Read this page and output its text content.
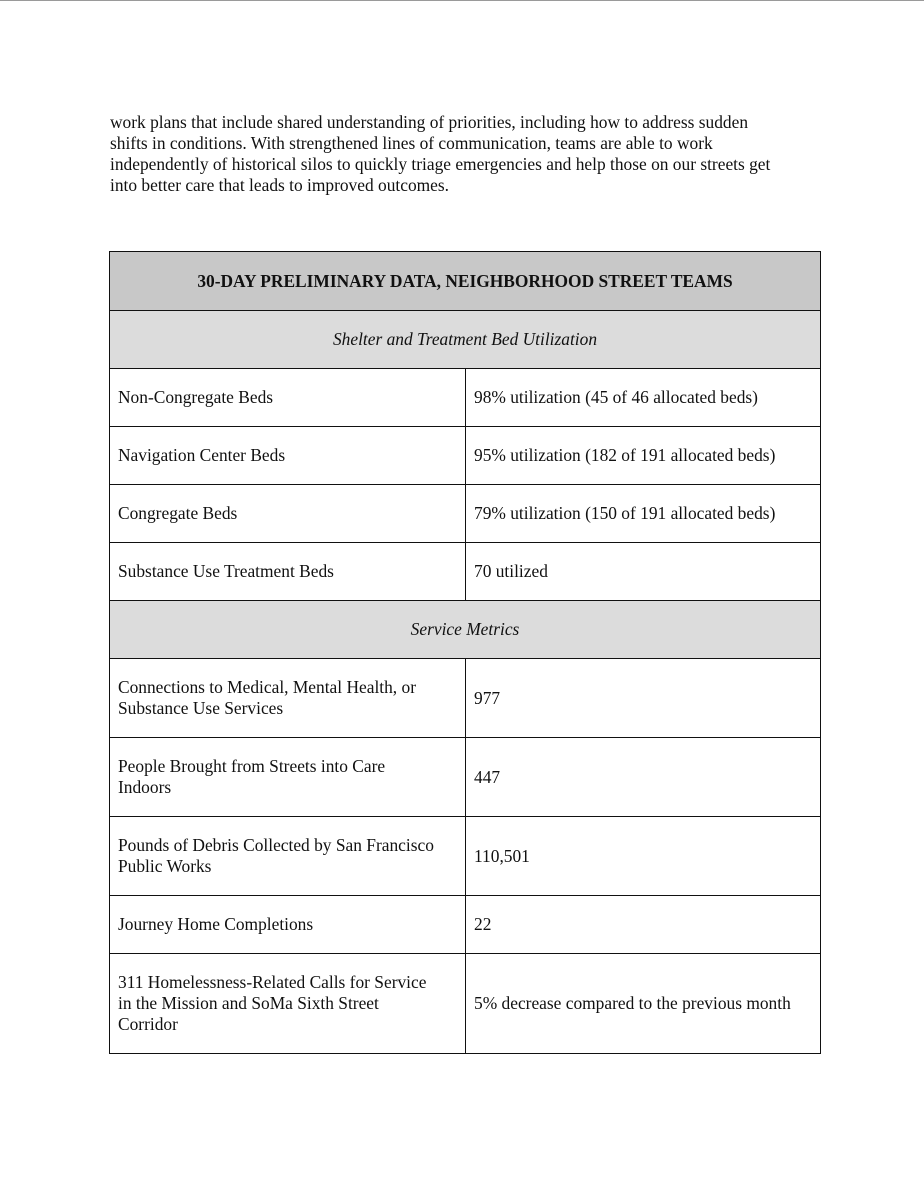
work plans that include shared understanding of priorities, including how to address sudden
shifts in conditions. With strengthened lines of communication, teams are able to work
independently of historical silos to quickly triage emergencies and help those on our streets get
into better care that leads to improved outcomes.

30-DAY PRELIMINARY DATA, NEIGHBORHOOD STREET TEAMS	
Shelter and Treatment Bed Utilization	
Non-Congregate Beds	98% utilization (45 of 46 allocated beds)
Navigation Center Beds	95% utilization (182 of 191 allocated beds)
Congregate Beds	79% utilization (150 of 191 allocated beds)
Substance Use Treatment Beds	70 utilized
Service Metrics	
Connections to Medical, Mental Health, or
Substance Use Services	977
People Brought from Streets into Care
Indoors	447
Pounds of Debris Collected by San Francisco
Public Works	110,501
Journey Home Completions	22
311 Homelessness-Related Calls for Service
in the Mission and SoMa Sixth Street
Corridor	5% decrease compared to the previous month
